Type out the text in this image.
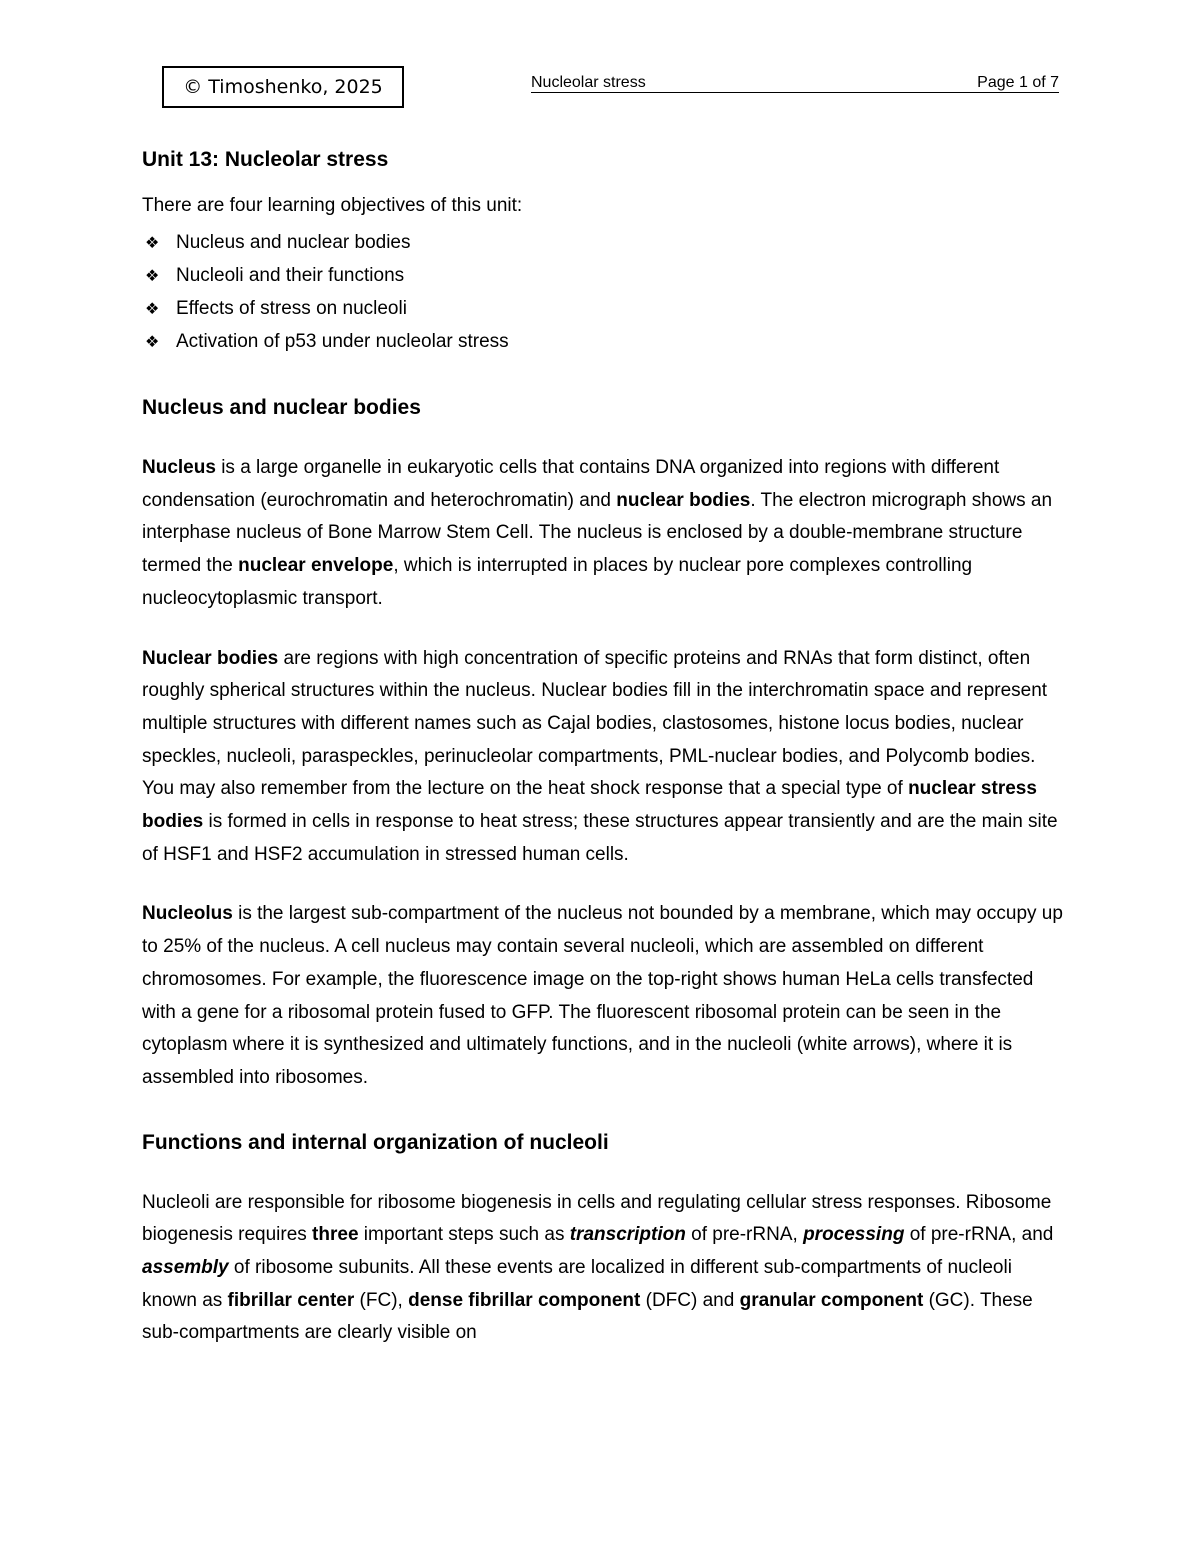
© Timoshenko, 2025	Nucleolar stress	Page 1 of 7
Unit 13: Nucleolar stress

There are four learning objectives of this unit:

❖ Nucleus and nuclear bodies
❖ Nucleoli and their functions
❖ Effects of stress on nucleoli
❖ Activation of p53 under nucleolar stress
Nucleus and nuclear bodies

Nucleus is a large organelle in eukaryotic cells that contains DNA organized into regions with different condensation (eurochromatin and heterochromatin) and nuclear bodies. The electron micrograph shows an interphase nucleus of Bone Marrow Stem Cell. The nucleus is enclosed by a double-membrane structure termed the nuclear envelope, which is interrupted in places by nuclear pore complexes controlling nucleocytoplasmic transport.

Nuclear bodies are regions with high concentration of specific proteins and RNAs that form distinct, often roughly spherical structures within the nucleus. Nuclear bodies fill in the interchromatin space and represent multiple structures with different names such as Cajal bodies, clastosomes, histone locus bodies, nuclear speckles, nucleoli, paraspeckles, perinucleolar compartments, PML-nuclear bodies, and Polycomb bodies. You may also remember from the lecture on the heat shock response that a special type of nuclear stress bodies is formed in cells in response to heat stress; these structures appear transiently and are the main site of HSF1 and HSF2 accumulation in stressed human cells.

Nucleolus is the largest sub-compartment of the nucleus not bounded by a membrane, which may occupy up to 25% of the nucleus. A cell nucleus may contain several nucleoli, which are assembled on different chromosomes. For example, the fluorescence image on the top-right shows human HeLa cells transfected with a gene for a ribosomal protein fused to GFP. The fluorescent ribosomal protein can be seen in the cytoplasm where it is synthesized and ultimately functions, and in the nucleoli (white arrows), where it is assembled into ribosomes.

Functions and internal organization of nucleoli

Nucleoli are responsible for ribosome biogenesis in cells and regulating cellular stress responses. Ribosome biogenesis requires three important steps such as transcription of pre-rRNA, processing of pre-rRNA, and assembly of ribosome subunits. All these events are localized in different sub-compartments of nucleoli known as fibrillar center (FC), dense fibrillar component (DFC) and granular component (GC). These sub-compartments are clearly visible on
